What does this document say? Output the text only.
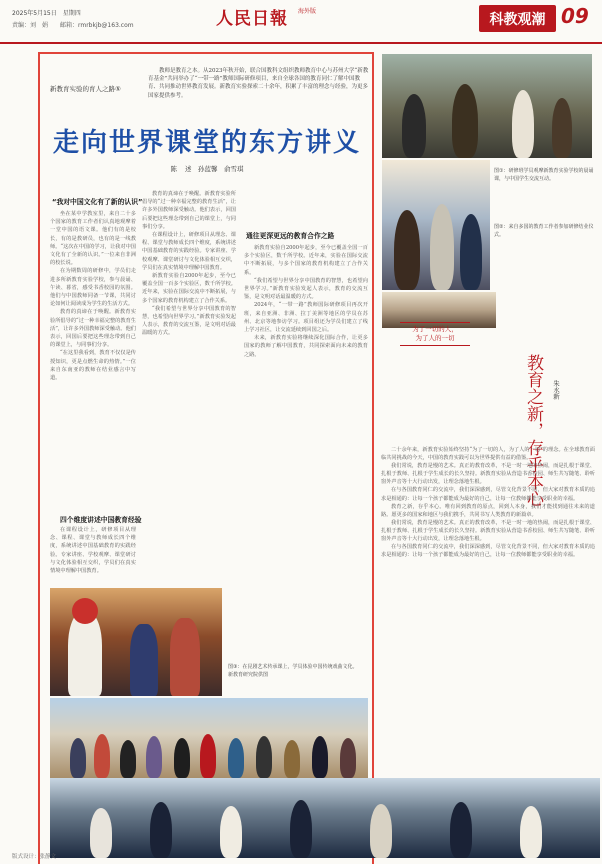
2025年5月15日　星期四
责编：刘　娟　　邮箱：rmrbkjb@163.com	人民日報 海外版	科教观潮 09
新教育实验的育人之路⑤
教师是教育之本。从2023年秋开始，联合国教科文组织教师教育中心与苏州大学“新教育基金”共同举办了“一带一路”教师国际研修项目，来自全球各国的教育同仁了解中国教育、共同推动世界教育发展。新教育实验探索二十余年，积累了丰富的理念与经验，为更多国家提供参考。
走向世界课堂的东方讲义
陈 述　孙蓝馨　俞雪琪
“我对中国文化有了新的认识”

坐在某中学教室里，来自二十多个国家的教育工作者们认真地观摩着一堂中国的语文课。他们有的是校长，有的是教研员，也有的是一线教师。“这次在中国的学习，让我对中国文化有了全新的认识。”一位来自非洲的校长说。

在为期数周的研修中，学员们走进多所新教育实验学校，参与晨诵、午读、暮省，感受书香校园的氛围。他们与中国教师同备一节课，共同讨论如何让阅读成为学生的生活方式。

教育的真谛在于唤醒。新教育实验所倡导的“过一种幸福完整的教育生活”，让许多外国教师深受触动。他们表示，回国后要把这些理念带到自己的课堂上，与同事们分享。

“在这里我看到，教育不仅仅是传授知识，更是点燃生命的热情。”一位来自东南亚的教师在结业感言中写道。

四个维度讲述中国教育经验

在课程设计上，研修项目从理念、课程、课堂与教师成长四个维度，系统讲述中国基础教育的实践经验。专家讲座、学校观摩、课堂研讨与文化体验相互交织，学员们在真实情境中理解中国教育。

教育的真谛在于唤醒。新教育实验所倡导的“过一种幸福完整的教育生活”，让许多外国教师深受触动。他们表示，回国后要把这些理念带到自己的课堂上，与同事们分享。

在课程设计上，研修项目从理念、课程、课堂与教师成长四个维度，系统讲述中国基础教育的实践经验。专家讲座、学校观摩、课堂研讨与文化体验相互交织，学员们在真实情境中理解中国教育。

新教育实验自2000年起步，至今已覆盖全国一百多个实验区，数千所学校。近年来，实验在国际交流中不断拓展，与多个国家的教育机构建立了合作关系。

“我们希望与世界分享中国教育的智慧，也希望向世界学习。”新教育实验发起人表示，教育的交流互鉴，是文明对话最温暖的方式。

通往更深更远的教育合作之路

新教育实验自2000年起步，至今已覆盖全国一百多个实验区，数千所学校。近年来，实验在国际交流中不断拓展，与多个国家的教育机构建立了合作关系。

“我们希望与世界分享中国教育的智慧，也希望向世界学习。”新教育实验发起人表示，教育的交流互鉴，是文明对话最温暖的方式。

2024年，“一带一路”教师国际研修项目再次开班，来自亚洲、非洲、拉丁美洲等地区的学员在苏州、北京等地参访学习。项目组还为学员们建立了线上学习社区，让交流延续到回国之后。

未来，新教育实验将继续深化国际合作，让更多国家的教师了解中国教育，共同探索面向未来的教育之路。

图③：在昆剧艺术传承课上，学员体验中国传统戏曲文化。
新教育研究院供图
图①：研修班学员观摩新教育实验学校的晨诵课，与中国学生交流互动。
图②：来自多国的教育工作者参加研修结业仪式。
为了一切的人，
为了人的一切
教育之新，存乎本心 朱永新

二十余年来，新教育实验始终坚持“为了一切的人，为了人的一切”的理念。在全球教育面临共同挑战的今天，中国的教育实践可以为世界提供有益的借鉴。

我们常说，教育是慢的艺术。真正的教育改革，不是一时一地的热闹，而是扎根于课堂、扎根于教师、扎根于学生成长的长久坚持。新教育实验从营造书香校园、师生共写随笔、聆听窗外声音等十大行动出发，让理念落地生根。

在与各国教育同仁的交流中，我们深深感到，尽管文化背景不同，但大家对教育本质的追求是相通的：让每一个孩子都能成为最好的自己，让每一位教师都能享受职业的幸福。

教育之新，存乎本心。唯有回到教育的原点，回到人本身，我们才能找到通往未来的道路。愿更多的国家和地区与我们携手，共同书写人类教育的新篇章。

我们常说，教育是慢的艺术。真正的教育改革，不是一时一地的热闹，而是扎根于课堂、扎根于教师、扎根于学生成长的长久坚持。新教育实验从营造书香校园、师生共写随笔、聆听窗外声音等十大行动出发，让理念落地生根。

在与各国教育同仁的交流中，我们深深感到，尽管文化背景不同，但大家对教育本质的追求是相通的：让每一个孩子都能成为最好的自己，让每一位教师都能享受职业的幸福。

版式设计：张静文
